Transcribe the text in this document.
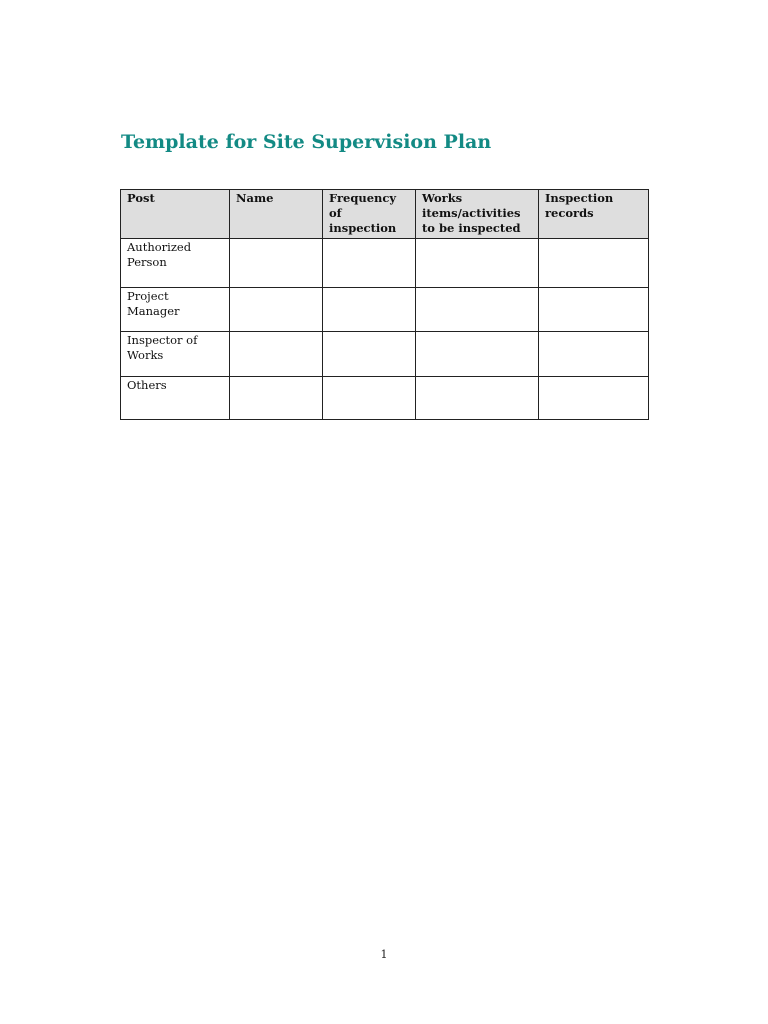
Template for Site Supervision Plan
Post	Name	Frequency of inspection	Works items/activities to be inspected	Inspection records
Authorized Person				
Project Manager				
Inspector of Works				
Others				
1
